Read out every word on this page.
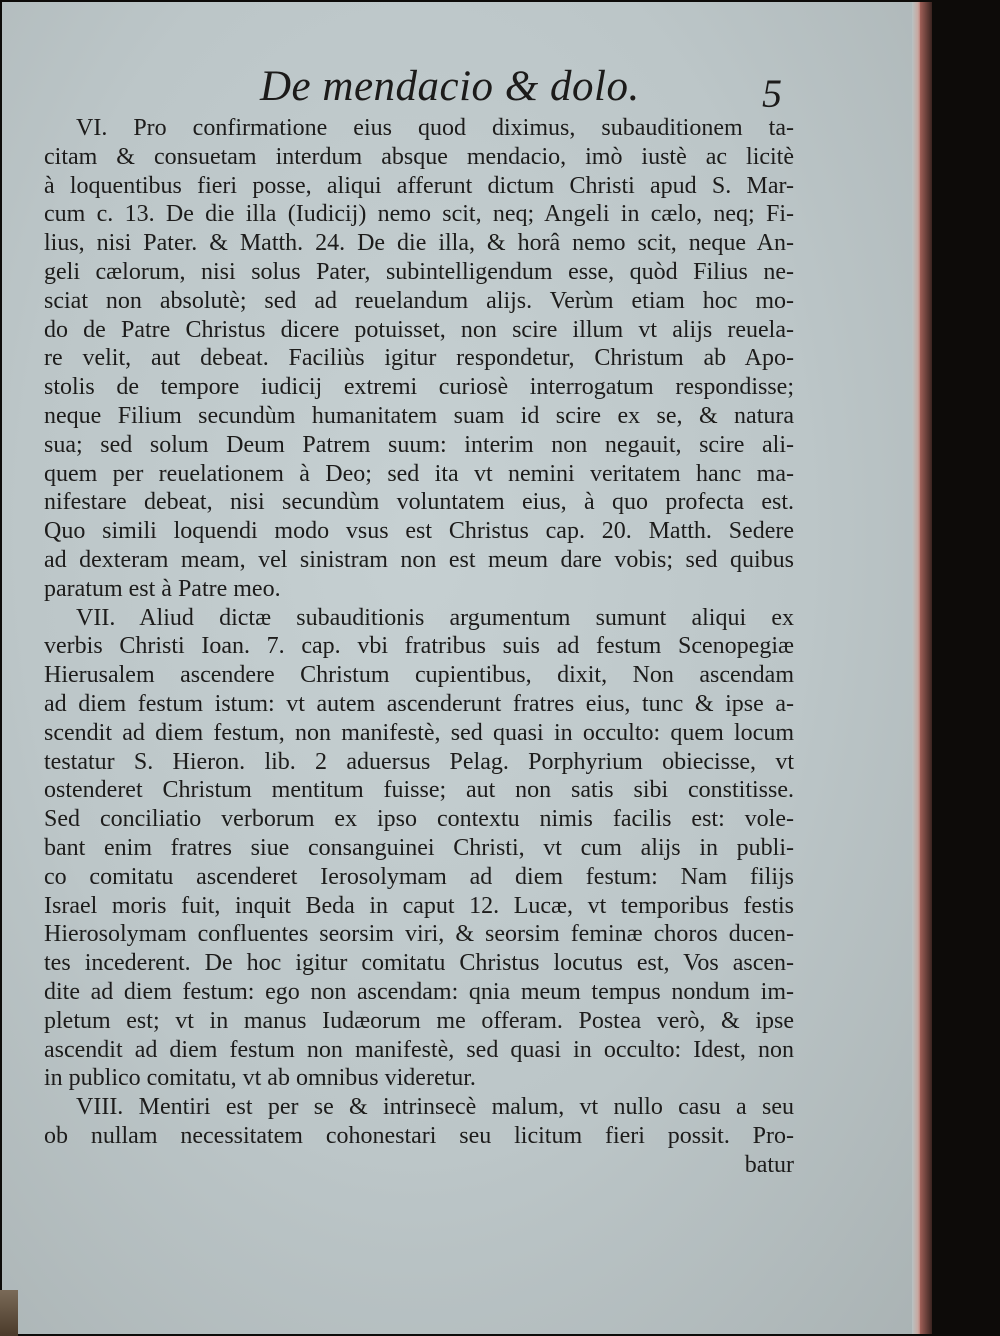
De mendacio & dolo.	5
VI. Pro confirmatione eius quod diximus, subauditionem ta-
citam & consuetam interdum absque mendacio, imò iustè ac licitè
à loquentibus fieri posse, aliqui afferunt dictum Christi apud S. Mar-
cum c. 13. De die illa (Iudicij) nemo scit, neq; Angeli in cælo, neq; Fi-
lius, nisi Pater. & Matth. 24. De die illa, & horâ nemo scit, neque An-
geli cælorum, nisi solus Pater, subintelligendum esse, quòd Filius ne-
sciat non absolutè; sed ad reuelandum alijs. Verùm etiam hoc mo-
do de Patre Christus dicere potuisset, non scire illum vt alijs reuela-
re velit, aut debeat. Faciliùs igitur respondetur, Christum ab Apo-
stolis de tempore iudicij extremi curiosè interrogatum respondisse;
neque Filium secundùm humanitatem suam id scire ex se, & natura
sua; sed solum Deum Patrem suum: interim non negauit, scire ali-
quem per reuelationem à Deo; sed ita vt nemini veritatem hanc ma-
nifestare debeat, nisi secundùm voluntatem eius, à quo profecta est.
Quo simili loquendi modo vsus est Christus cap. 20. Matth. Sedere
ad dexteram meam, vel sinistram non est meum dare vobis; sed quibus
paratum est à Patre meo.
VII. Aliud dictæ subauditionis argumentum sumunt aliqui ex
verbis Christi Ioan. 7. cap. vbi fratribus suis ad festum Scenopegiæ
Hierusalem ascendere Christum cupientibus, dixit, Non ascendam
ad diem festum istum: vt autem ascenderunt fratres eius, tunc & ipse a-
scendit ad diem festum, non manifestè, sed quasi in occulto: quem locum
testatur S. Hieron. lib. 2 aduersus Pelag. Porphyrium obiecisse, vt
ostenderet Christum mentitum fuisse; aut non satis sibi constitisse.
Sed conciliatio verborum ex ipso contextu nimis facilis est: vole-
bant enim fratres siue consanguinei Christi, vt cum alijs in publi-
co comitatu ascenderet Ierosolymam ad diem festum: Nam filijs
Israel moris fuit, inquit Beda in caput 12. Lucæ, vt temporibus festis
Hierosolymam confluentes seorsim viri, & seorsim feminæ choros ducen-
tes incederent. De hoc igitur comitatu Christus locutus est, Vos ascen-
dite ad diem festum: ego non ascendam: qnia meum tempus nondum im-
pletum est; vt in manus Iudæorum me offeram. Postea verò, & ipse
ascendit ad diem festum non manifestè, sed quasi in occulto: Idest, non
in publico comitatu, vt ab omnibus videretur.
VIII. Mentiri est per se & intrinsecè malum, vt nullo casu a seu
ob nullam necessitatem cohonestari seu licitum fieri possit. Pro-
batur
